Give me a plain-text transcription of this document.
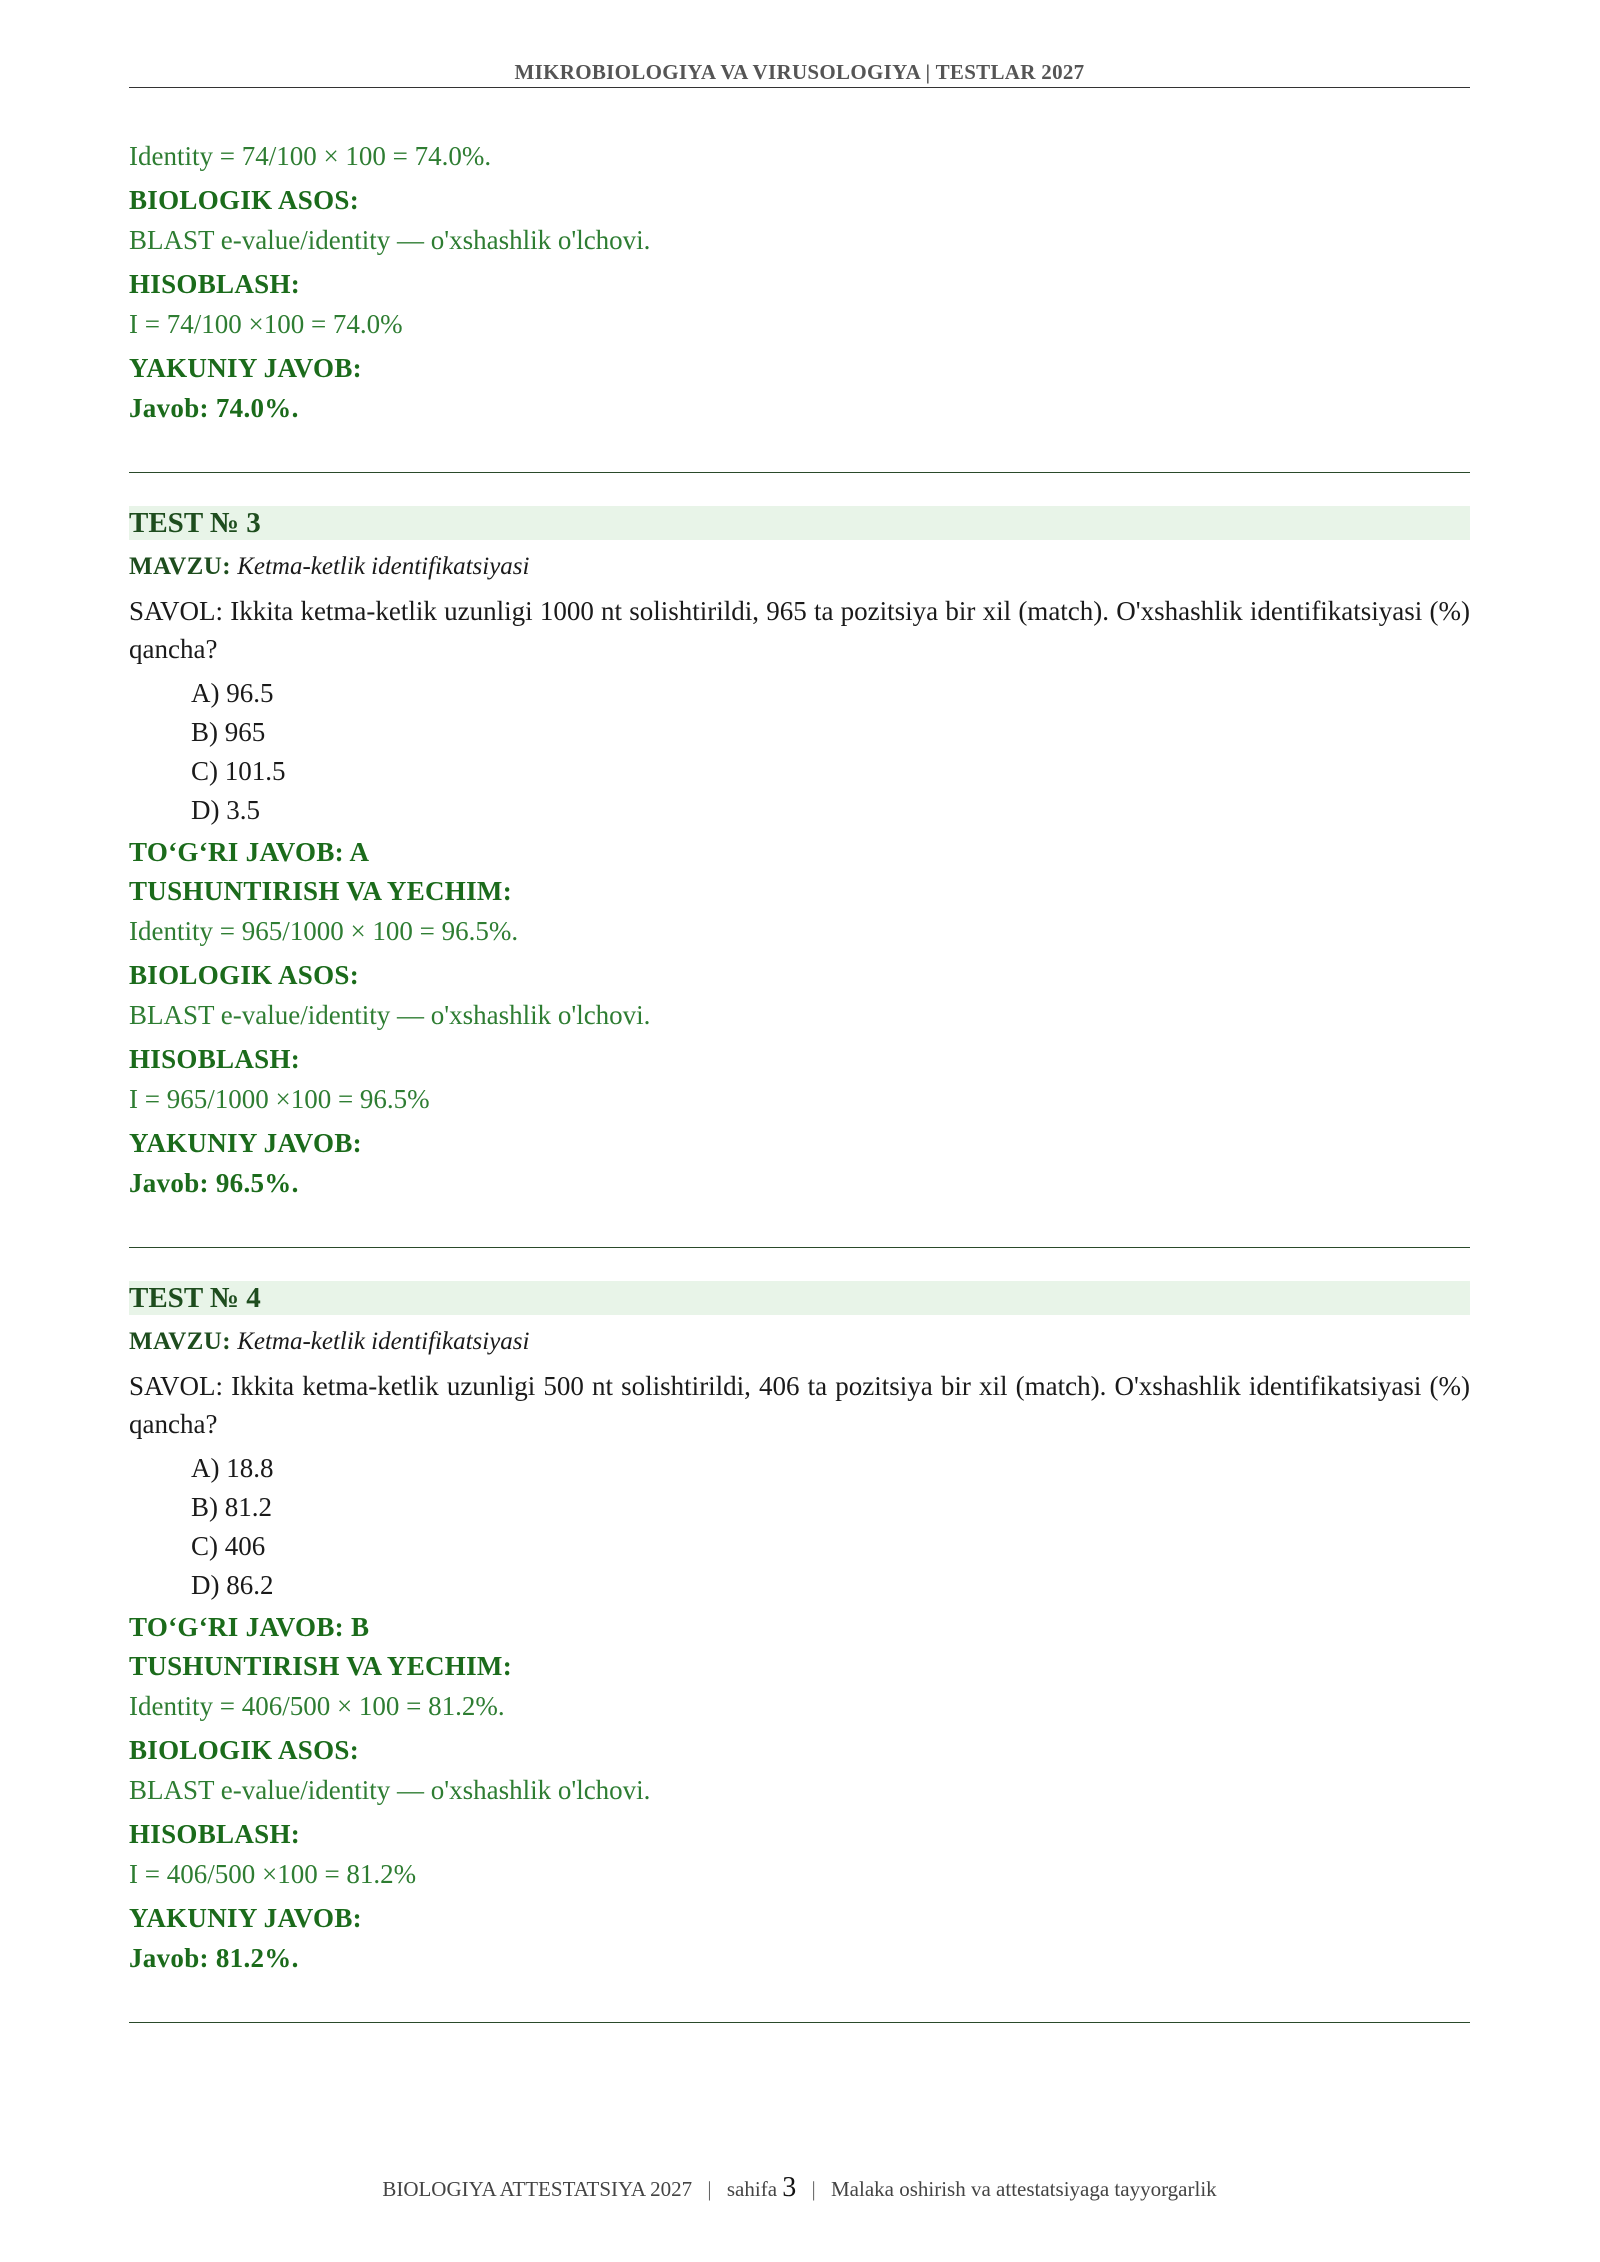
MIKROBIOLOGIYA VA VIRUSOLOGIYA | TESTLAR 2027
Identity = 74/100 × 100 = 74.0%.
BIOLOGIK ASOS:
BLAST e-value/identity — o'xshashlik o'lchovi.
HISOBLASH:
I = 74/100 ×100 = 74.0%
YAKUNIY JAVOB:
Javob: 74.0%.
TEST № 3
MAVZU: Ketma-ketlik identifikatsiyasi
SAVOL: Ikkita ketma-ketlik uzunligi 1000 nt solishtirildi, 965 ta pozitsiya bir xil (match). O'xshashlik identifikatsiyasi (%) qancha?
A) 96.5
B) 965
C) 101.5
D) 3.5
TO‘G‘RI JAVOB: A
TUSHUNTIRISH VA YECHIM:
Identity = 965/1000 × 100 = 96.5%.
BIOLOGIK ASOS:
BLAST e-value/identity — o'xshashlik o'lchovi.
HISOBLASH:
I = 965/1000 ×100 = 96.5%
YAKUNIY JAVOB:
Javob: 96.5%.
TEST № 4
MAVZU: Ketma-ketlik identifikatsiyasi
SAVOL: Ikkita ketma-ketlik uzunligi 500 nt solishtirildi, 406 ta pozitsiya bir xil (match). O'xshashlik identifikatsiyasi (%) qancha?
A) 18.8
B) 81.2
C) 406
D) 86.2
TO‘G‘RI JAVOB: B
TUSHUNTIRISH VA YECHIM:
Identity = 406/500 × 100 = 81.2%.
BIOLOGIK ASOS:
BLAST e-value/identity — o'xshashlik o'lchovi.
HISOBLASH:
I = 406/500 ×100 = 81.2%
YAKUNIY JAVOB:
Javob: 81.2%.
BIOLOGIYA ATTESTATSIYA 2027 | sahifa 3 | Malaka oshirish va attestatsiyaga tayyorgarlik
